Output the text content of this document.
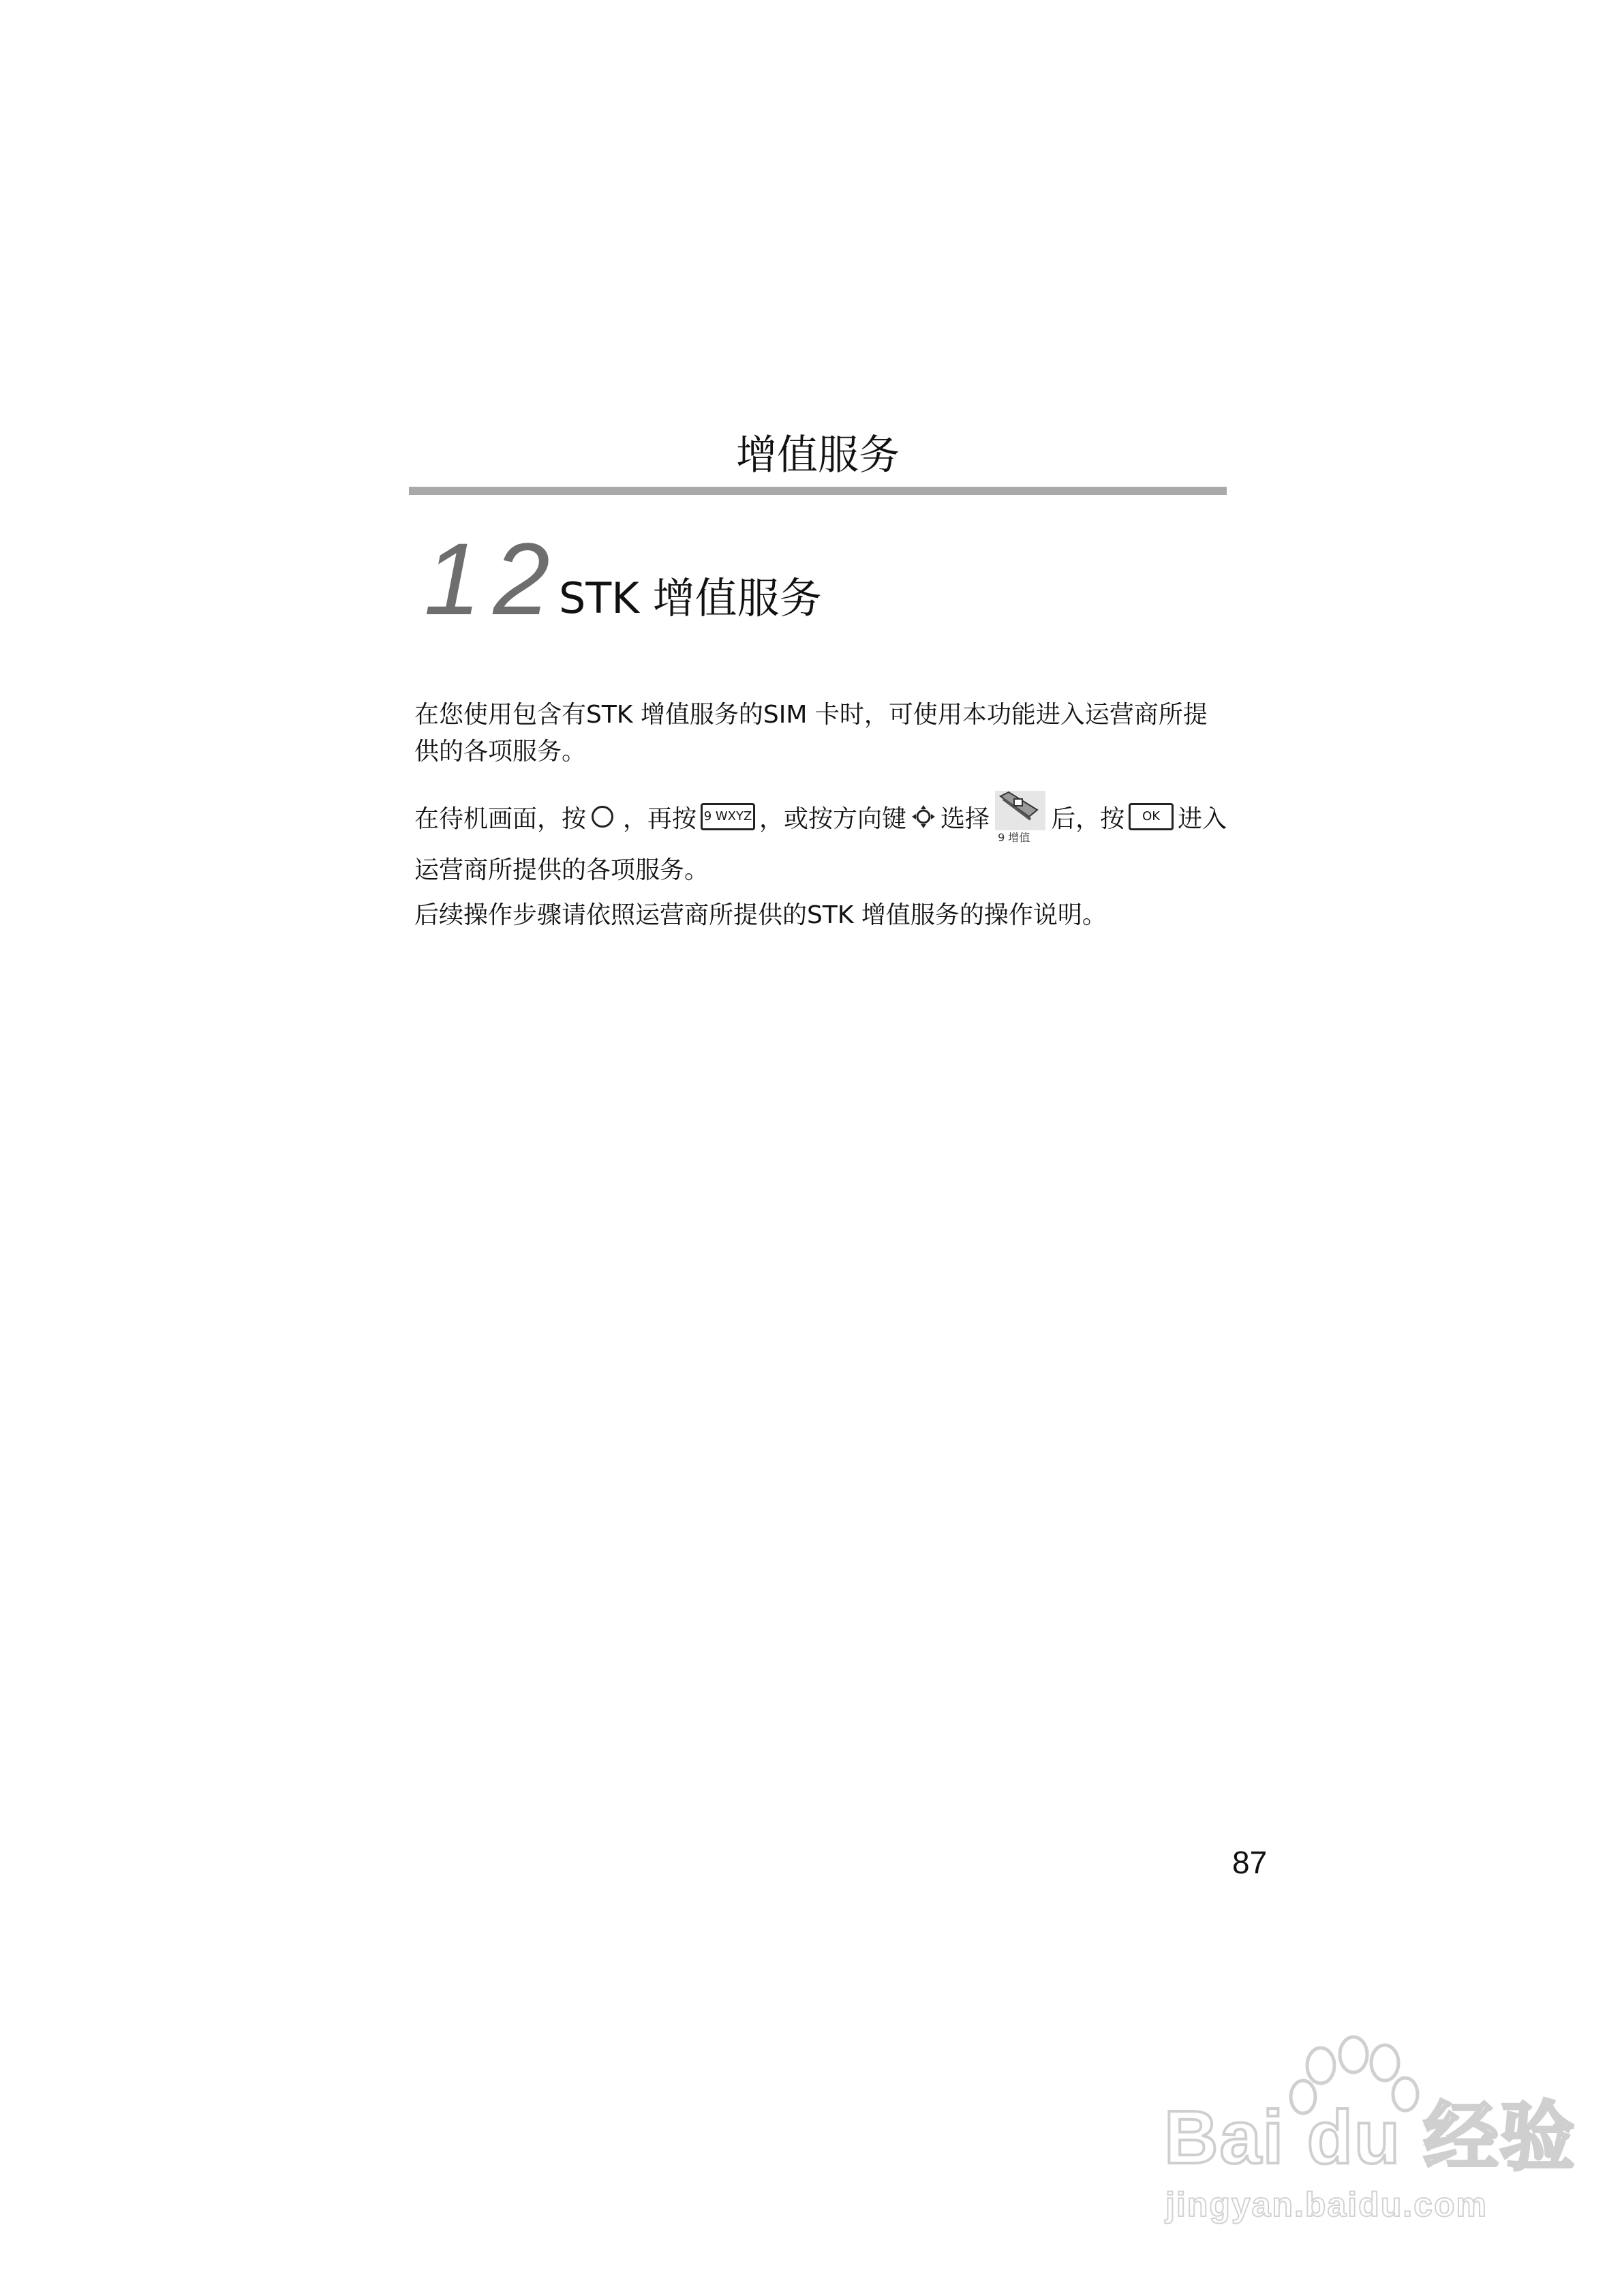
增值服务
12
STK 增值服务
在您使用包含有STK 增值服务的SIM 卡时，可使用本功能进入运营商所提供的各项服务。
在待机画面，按 ，再按 9 WXYZ ，或按方向键 选择
9 增值
后，按	OK 进入
运营商所提供的各项服务。
后续操作步骤请依照运营商所提供的STK 增值服务的操作说明。
87
Bai du 经验
jingyan.baidu.com
